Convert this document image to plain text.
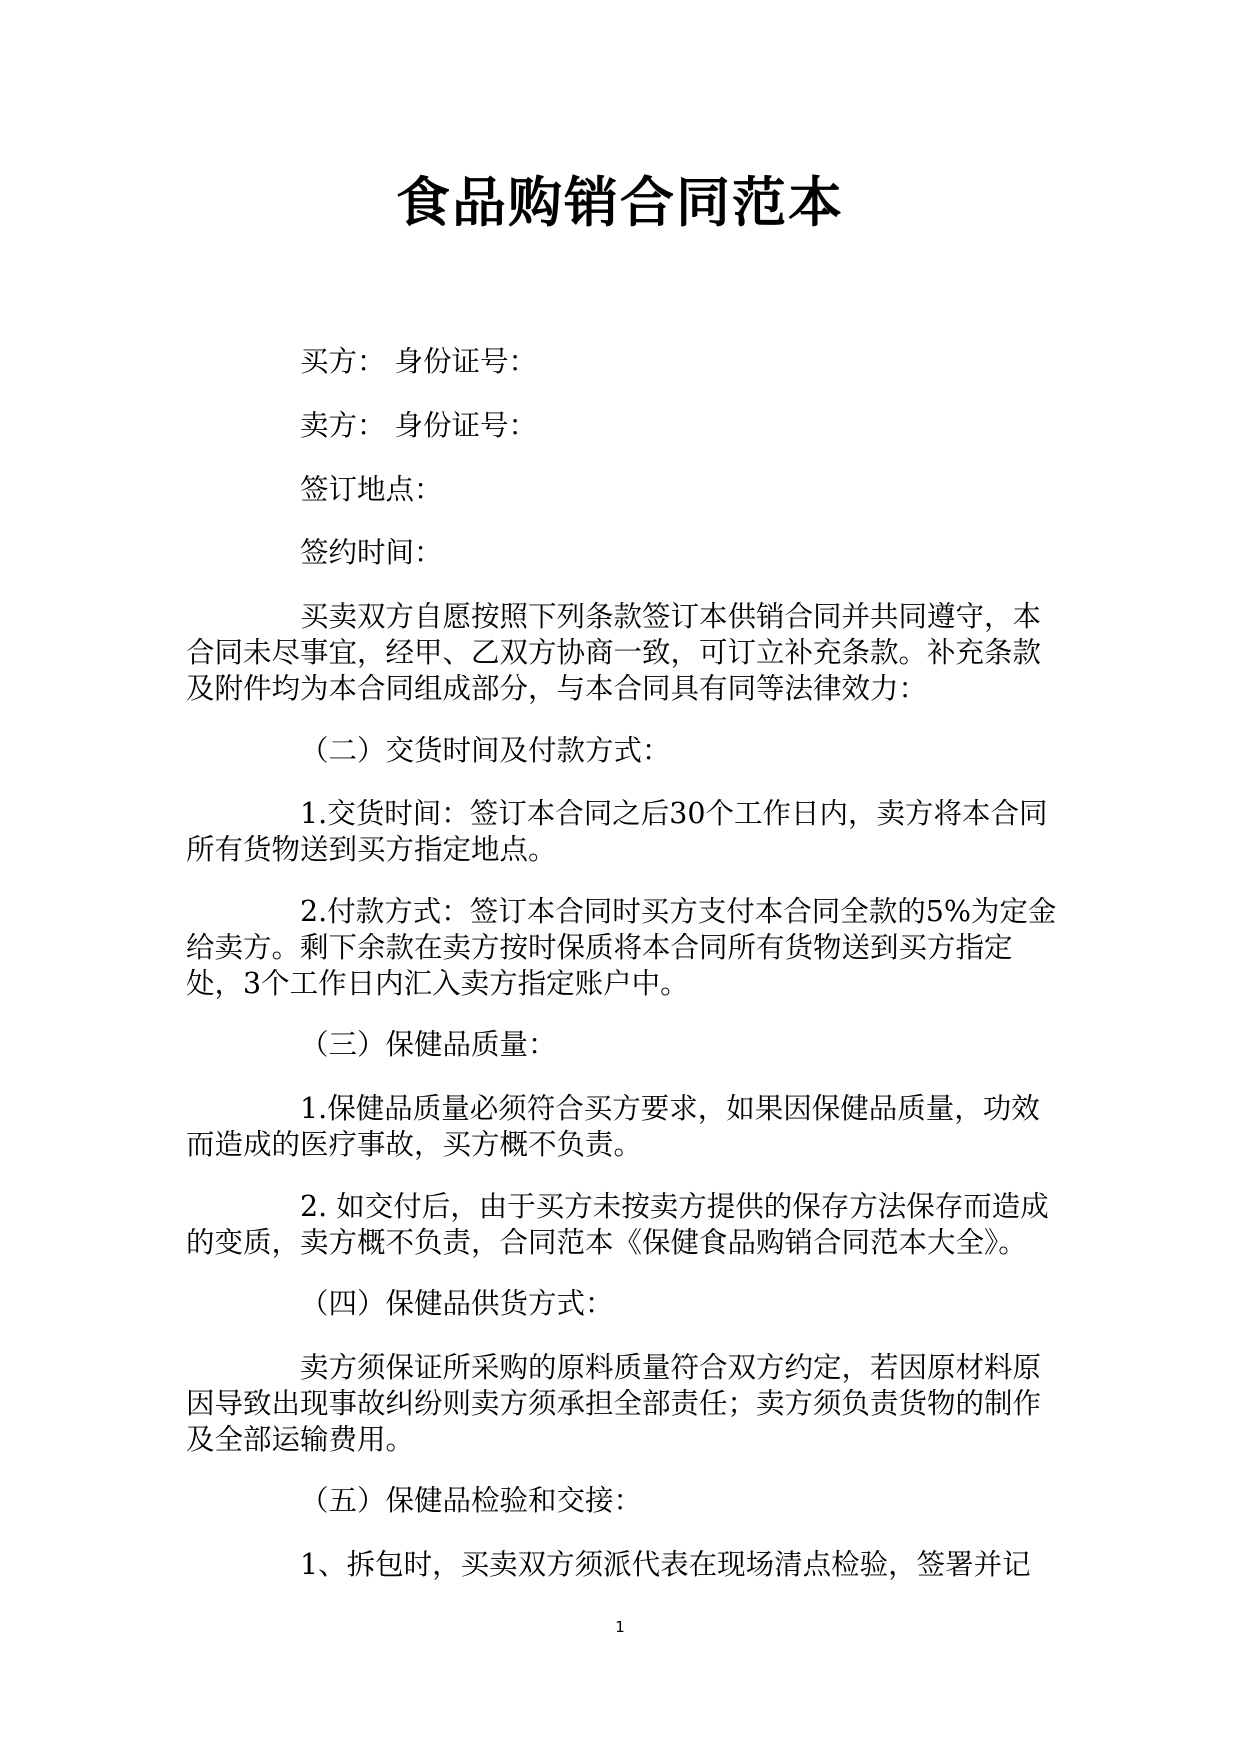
食品购销合同范本

买方： 身份证号：

卖方： 身份证号：

签订地点：

签约时间：

买卖双方自愿按照下列条款签订本供销合同并共同遵守，本合同未尽事宜，经甲、乙双方协商一致，可订立补充条款。补充条款及附件均为本合同组成部分，与本合同具有同等法律效力：

（二）交货时间及付款方式：

1.交货时间：签订本合同之后30个工作日内，卖方将本合同所有货物送到买方指定地点。

2.付款方式：签订本合同时买方支付本合同全款的5%为定金给卖方。剩下余款在卖方按时保质将本合同所有货物送到买方指定处，3个工作日内汇入卖方指定账户中。

（三）保健品质量：

1.保健品质量必须符合买方要求，如果因保健品质量，功效而造成的医疗事故，买方概不负责。

2. 如交付后，由于买方未按卖方提供的保存方法保存而造成的变质，卖方概不负责，合同范本《保健食品购销合同范本大全》。

（四）保健品供货方式：

卖方须保证所采购的原料质量符合双方约定，若因原材料原因导致出现事故纠纷则卖方须承担全部责任；卖方须负责货物的制作及全部运输费用。

（五）保健品检验和交接：

1、拆包时，买卖双方须派代表在现场清点检验，签署并记

1
